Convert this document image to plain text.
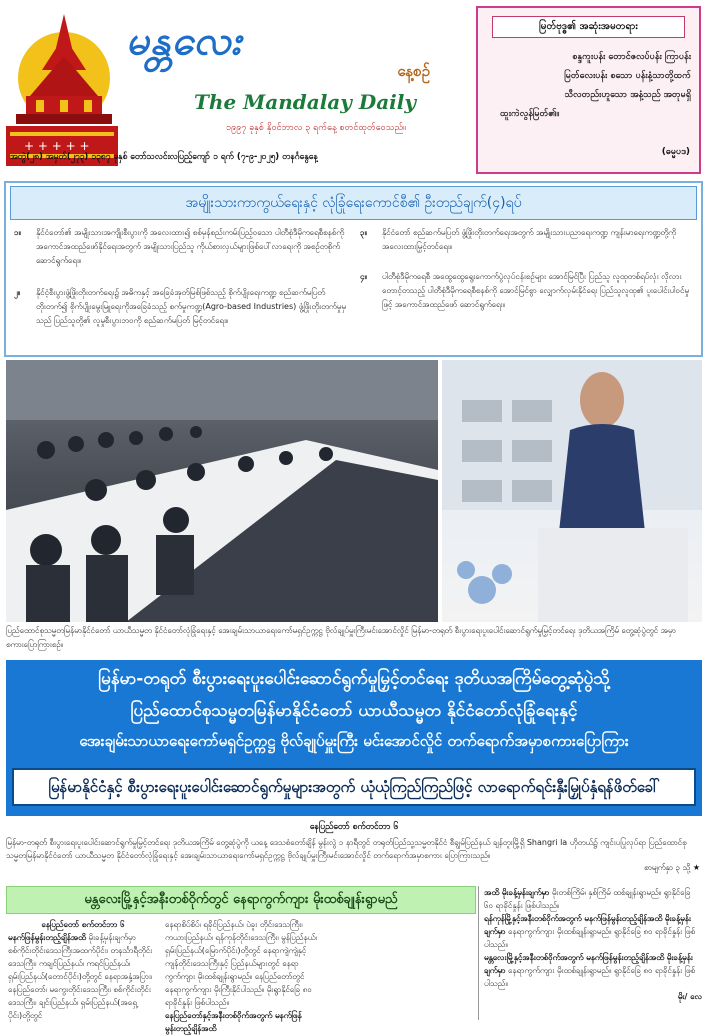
+ + + + +
မန္တလေး
နေ့စဉ်
The Mandalay Daily
၁၉၉၇ ခုနှစ် နိုဝင်ဘာလ ၃ ရက်နေ့ စတင်ထုတ်ဝေသည်။
အတွဲ(၂၈) အမှတ်(၂၇၃) ၁၃၈၇ ခုနှစ် တော်သလင်းလပြည့်ကျော် ၁ ရက် (၇-၉-၂၀၂၅) တနင်္ဂနွေနေ့
မြတ်ဗုဒ္ဓ၏ အဆုံးအမတရား
စန္ဒကူးပန်း တောင်ဇလပ်ပန်း ကြာပန်း
မြတ်လေးပန်း စသော ပန်းနံ့သာတို့ထက်
သီလတည်းဟူသော အနံ့သည် အတုမရှိ
ထူးကဲလွန်မြတ်၏။
(ဓမ္မပဒ)
အမျိုးသားကာကွယ်ရေးနှင့် လုံခြုံရေးကောင်စီ၏ ဦးတည်ချက်(၄)ရပ်
၁။ နိုင်ငံတော်၏ အမျိုးသားအကျိုးစီးပွားကို အလေးထား၍ စစ်မှန်စည်းကမ်းပြည့်ဝသော ပါတီစုံဒီမိုကရေစီစနစ်ကို အကောင်အထည်ဖော်နိုင်ရေးအတွက် အမျိုးသားပြည်သူ ကိုယ်စားလှယ်များဖြစ်ပေါ်လာရေးကို အစဉ်တစိုက်ဆောင်ရွက်ရေး။
၂။ နိုင်ငံ့စီးပွားဖွံ့ဖြိုးတိုးတက်ရေး၌ အဓိကနှင့် အခြေခံအုတ်မြစ်ဖြစ်သည့် စိုက်ပျိုးရေးကဏ္ဍ စည်ဆက်မပြတ်တိုးတက်၍ စိုက်ပျိုးမွေးမြူရေးကိုအခြေခံသည့် စက်မှုကဏ္ဍ(Agro-based Industries) ဖွံ့ဖြိုးတိုးတက်မှုမှသည် ပြည်သူတို့၏ လူမှုစီးပွားဘဝကို စည်ဆက်မပြတ် မြင့်တင်ရေး။
၃။ နိုင်ငံတော် စည်ဆက်မပြတ် ဖွံ့ဖြိုးတိုးတက်ရေးအတွက် အမျိုးသားပညာရေးကဏ္ဍ ကျန်းမာရေးကဏ္ဍတို့ကို အလေးထားမြှင့်တင်ရေး။
၄။ ပါတီစုံဒီမိုကရေစီ အထွေထွေရွေးကောက်ပွဲလုပ်ငန်းစဉ်များ အောင်မြင်ပြီး ပြည်သူ လူထုတစ်ရပ်လုံး လိုလားတောင့်တသည့် ပါတီစုံဒီမိုကရေစီစနစ်ကို အောင်မြင်စွာ လျှောက်လှမ်းနိုင်ရေး ပြည်သူလူထု၏ ပူးပေါင်းပါဝင်မှုဖြင့် အကောင်အထည်ဖော် ဆောင်ရွက်ရေး။
ပြည်ထောင်စုသမ္မတမြန်မာနိုင်ငံတော် ယာယီသမ္မတ နိုင်ငံတော်လုံခြုံရေးနှင့် အေးချမ်းသာယာရေးကော်မရှင်ဥက္ကဋ္ဌ ဗိုလ်ချုပ်မှူးကြီးမင်းအောင်လှိုင် မြန်မာ-တရုတ် စီးပွားရေးပူးပေါင်းဆောင်ရွက်မှုမြှင့်တင်ရေး ဒုတိယအကြိမ် တွေ့ဆုံပွဲတွင် အမှာစကားပြောကြားစဉ်။
မြန်မာ-တရုတ် စီးပွားရေးပူးပေါင်းဆောင်ရွက်မှုမြှင့်တင်ရေး ဒုတိယအကြိမ်တွေ့ဆုံပွဲသို့
ပြည်ထောင်စုသမ္မတမြန်မာနိုင်ငံတော် ယာယီသမ္မတ နိုင်ငံတော်လုံခြုံရေးနှင့်
အေးချမ်းသာယာရေးကော်မရှင်ဥက္ကဋ္ဌ ဗိုလ်ချုပ်မှူးကြီး မင်းအောင်လှိုင် တက်ရောက်အမှာစကားပြောကြား
မြန်မာနိုင်ငံနှင့် စီးပွားရေးပူးပေါင်းဆောင်ရွက်မှုများအတွက် ယုံယုံကြည်ကြည်ဖြင့် လာရောက်ရင်းနှီးမြှုပ်နှံရန်ဖိတ်ခေါ်
နေပြည်တော် စက်တင်ဘာ ၆
မြန်မာ-တရုတ် စီးပွားရေးပူးပေါင်းဆောင်ရွက်မှုမြှင့်တင်ရေး ဒုတိယအကြိမ် တွေ့ဆုံပွဲကို ယနေ့ ဒေသစံတော်ချိန် မွန်းလွဲ ၁ နာရီတွင် တရုတ်ပြည်သူ့သမ္မတနိုင်ငံ စီချွမ်ပြည်နယ် ချန်တူးမြို့ရှိ Shangri la ဟိုတယ်၌ ကျင်းပပြုလုပ်ရာ ပြည်ထောင်စုသမ္မတမြန်မာနိုင်ငံတော် ယာယီသမ္မတ နိုင်ငံတော်လုံခြုံရေးနှင့် အေးချမ်းသာယာရေးကော်မရှင်ဥက္ကဋ္ဌ ဗိုလ်ချုပ်မှူးကြီးမင်းအောင်လှိုင် တက်ရောက်အမှာစကား ပြောကြားသည်။
စာမျက်နှာ ၃ သို့ ★
မန္တလေးမြို့နှင့်အနီးတစ်ဝိုက်တွင် နေရာကွက်ကျား မိုးထစ်ချုန်းရွာမည်
နေပြည်တော် စက်တင်ဘာ ၆
မနက်ဖြန်မွန်းတည့်ချိန်အထိ မိုးခန့်မှန်းချက်မှာ စစ်ကိုင်းတိုင်းဒေသကြီးအထက်ပိုင်း၊ တနင်္သာရီတိုင်းဒေသကြီး၊ ကချင်ပြည်နယ်၊ ကရင်ပြည်နယ်၊ ရှမ်းပြည်နယ်(တောင်ပိုင်း)တို့တွင် နေရာအနှံ့အပြား၊ နေပြည်တော်၊ မကွေးတိုင်းဒေသကြီး၊ စစ်ကိုင်းတိုင်းဒေသကြီး၊ ချင်းပြည်နယ်၊ ရှမ်းပြည်နယ်(အရှေ့ပိုင်း)တို့တွင်
နေရာစိပ်စိပ်၊ ရခိုင်ပြည်နယ်၊ ပဲခူး တိုင်းဒေသကြီး၊ ကယားပြည်နယ်၊ ရန်ကုန်တိုင်းဒေသကြီး၊ မွန်ပြည်နယ်၊ ရှမ်းပြည်နယ်(မြောက်ပိုင်း)တို့တွင် နေရာကျဲကျဲနှင့် ကျန်တိုင်းဒေသကြီးနှင့် ပြည်နယ်များတွင် နေရာ ကွက်ကျား မိုးထစ်ချုန်းရွာမည်။ နေပြည်တော်တွင် နေရာကွက်ကျား မိုးကြီးနိုင်ပါသည်။ မိုးရွာနိုင်ခြေ ၈၀ ရာခိုင်နှုန်း ဖြစ်ပါသည်။
နေပြည်တော်နှင့်အနီးတစ်ဝိုက်အတွက် မနက်ဖြန်မွန်းတည့်ချိန်အထိ
အထိ မိုးခန့်မှန်းချက်မှာ မိုးတစ်ကြိမ်၊ နှစ်ကြိမ် ထစ်ချုန်းရွာမည်။ ရွာနိုင်ခြေ ၆၀ ရာခိုင်နှုန်း ဖြစ်ပါသည်။
ရန်ကုန်မြို့နှင့်အနီးတစ်ဝိုက်အတွက် မနက်ဖြန်မွန်းတည့်ချိန်အထိ မိုးခန့်မှန်းချက်မှာ နေရာကွက်ကျား မိုးထစ်ချုန်းရွာမည်။ ရွာနိုင်ခြေ ၈၀ ရာခိုင်နှုန်း ဖြစ်ပါသည်။
မန္တလေးမြို့နှင့်အနီးတစ်ဝိုက်အတွက် မနက်ဖြန်မွန်းတည့်ချိန်အထိ မိုးခန့်မှန်းချက်မှာ နေရာကွက်ကျား မိုးထစ်ချုန်းရွာမည်။ ရွာနိုင်ခြေ ၈၀ ရာခိုင်နှုန်း ဖြစ်ပါသည်။
မိုး/ လေ
